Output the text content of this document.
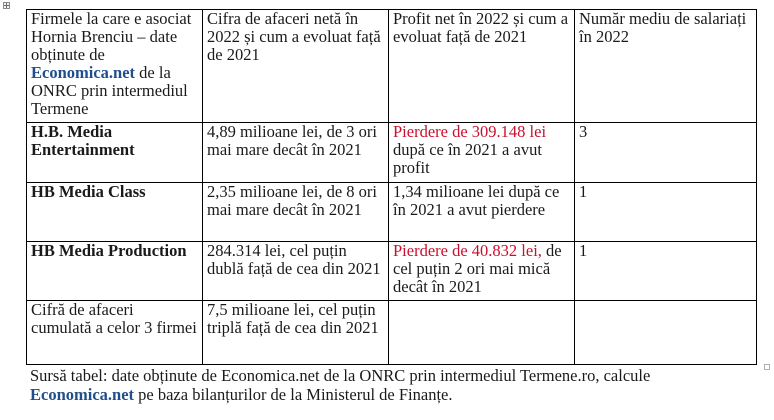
Firmele la care e asociat Hornia Brenciu – date obținute de Economica.net de la ONRC prin intermediul Termene	Cifra de afaceri netă în 2022 și cum a evoluat față de 2021	Profit net în 2022 și cum a evoluat față de 2021	Număr mediu de salariați în 2022
H.B. Media Entertainment	4,89 milioane lei, de 3 ori mai mare decât în 2021	Pierdere de 309.148 lei după ce în 2021 a avut profit	3
HB Media Class	2,35 milioane lei, de 8 ori mai mare decât în 2021	1,34 milioane lei după ce în 2021 a avut pierdere	1
HB Media Production	284.314 lei, cel puțin dublă față de cea din 2021	Pierdere de 40.832 lei, de cel puțin 2 ori mai mică decât în 2021	1
Cifră de afaceri cumulată a celor 3 firmei	7,5 milioane lei, cel puțin triplă față de cea din 2021		
Sursă tabel: date obținute de Economica.net de la ONRC prin intermediul Termene.ro, calcule
Economica.net pe baza bilanțurilor de la Ministerul de Finanțe.
